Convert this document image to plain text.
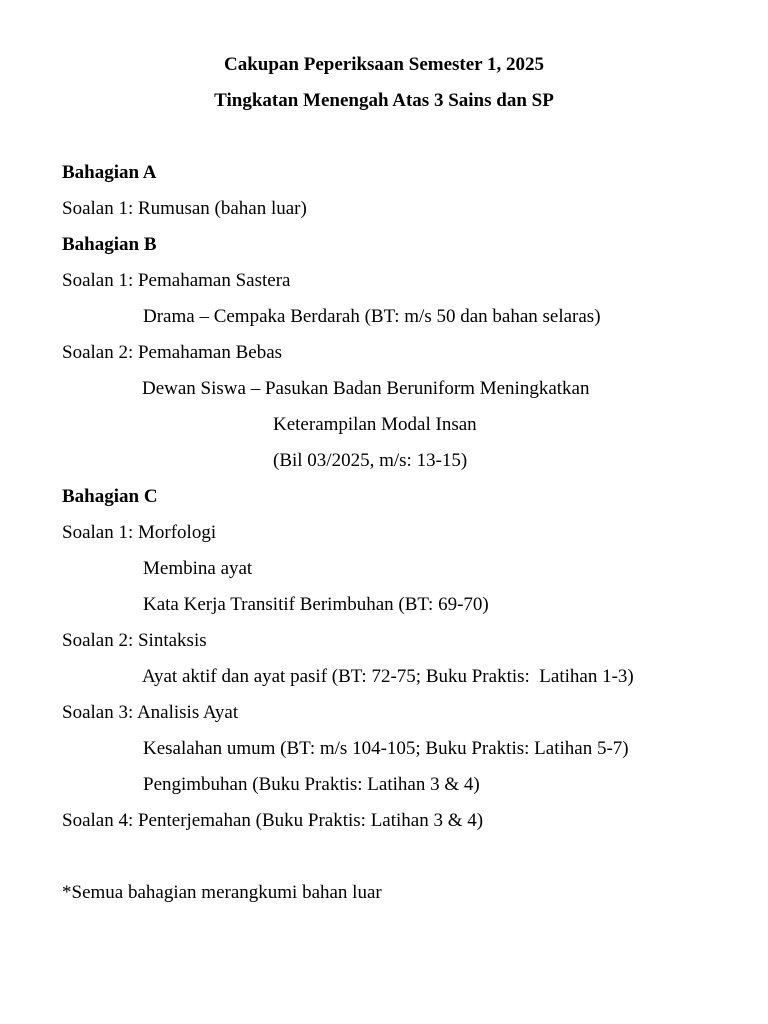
Cakupan Peperiksaan Semester 1, 2025
Tingkatan Menengah Atas 3 Sains dan SP
Bahagian A
Soalan 1: Rumusan (bahan luar)
Bahagian B
Soalan 1: Pemahaman Sastera
Drama – Cempaka Berdarah (BT: m/s 50 dan bahan selaras)
Soalan 2: Pemahaman Bebas
Dewan Siswa – Pasukan Badan Beruniform Meningkatkan
Keterampilan Modal Insan
(Bil 03/2025, m/s: 13-15)
Bahagian C
Soalan 1: Morfologi
Membina ayat
Kata Kerja Transitif Berimbuhan (BT: 69-70)
Soalan 2: Sintaksis
Ayat aktif dan ayat pasif (BT: 72-75; Buku Praktis:  Latihan 1-3)
Soalan 3: Analisis Ayat
Kesalahan umum (BT: m/s 104-105; Buku Praktis: Latihan 5-7)
Pengimbuhan (Buku Praktis: Latihan 3 & 4)
Soalan 4: Penterjemahan (Buku Praktis: Latihan 3 & 4)
*Semua bahagian merangkumi bahan luar
